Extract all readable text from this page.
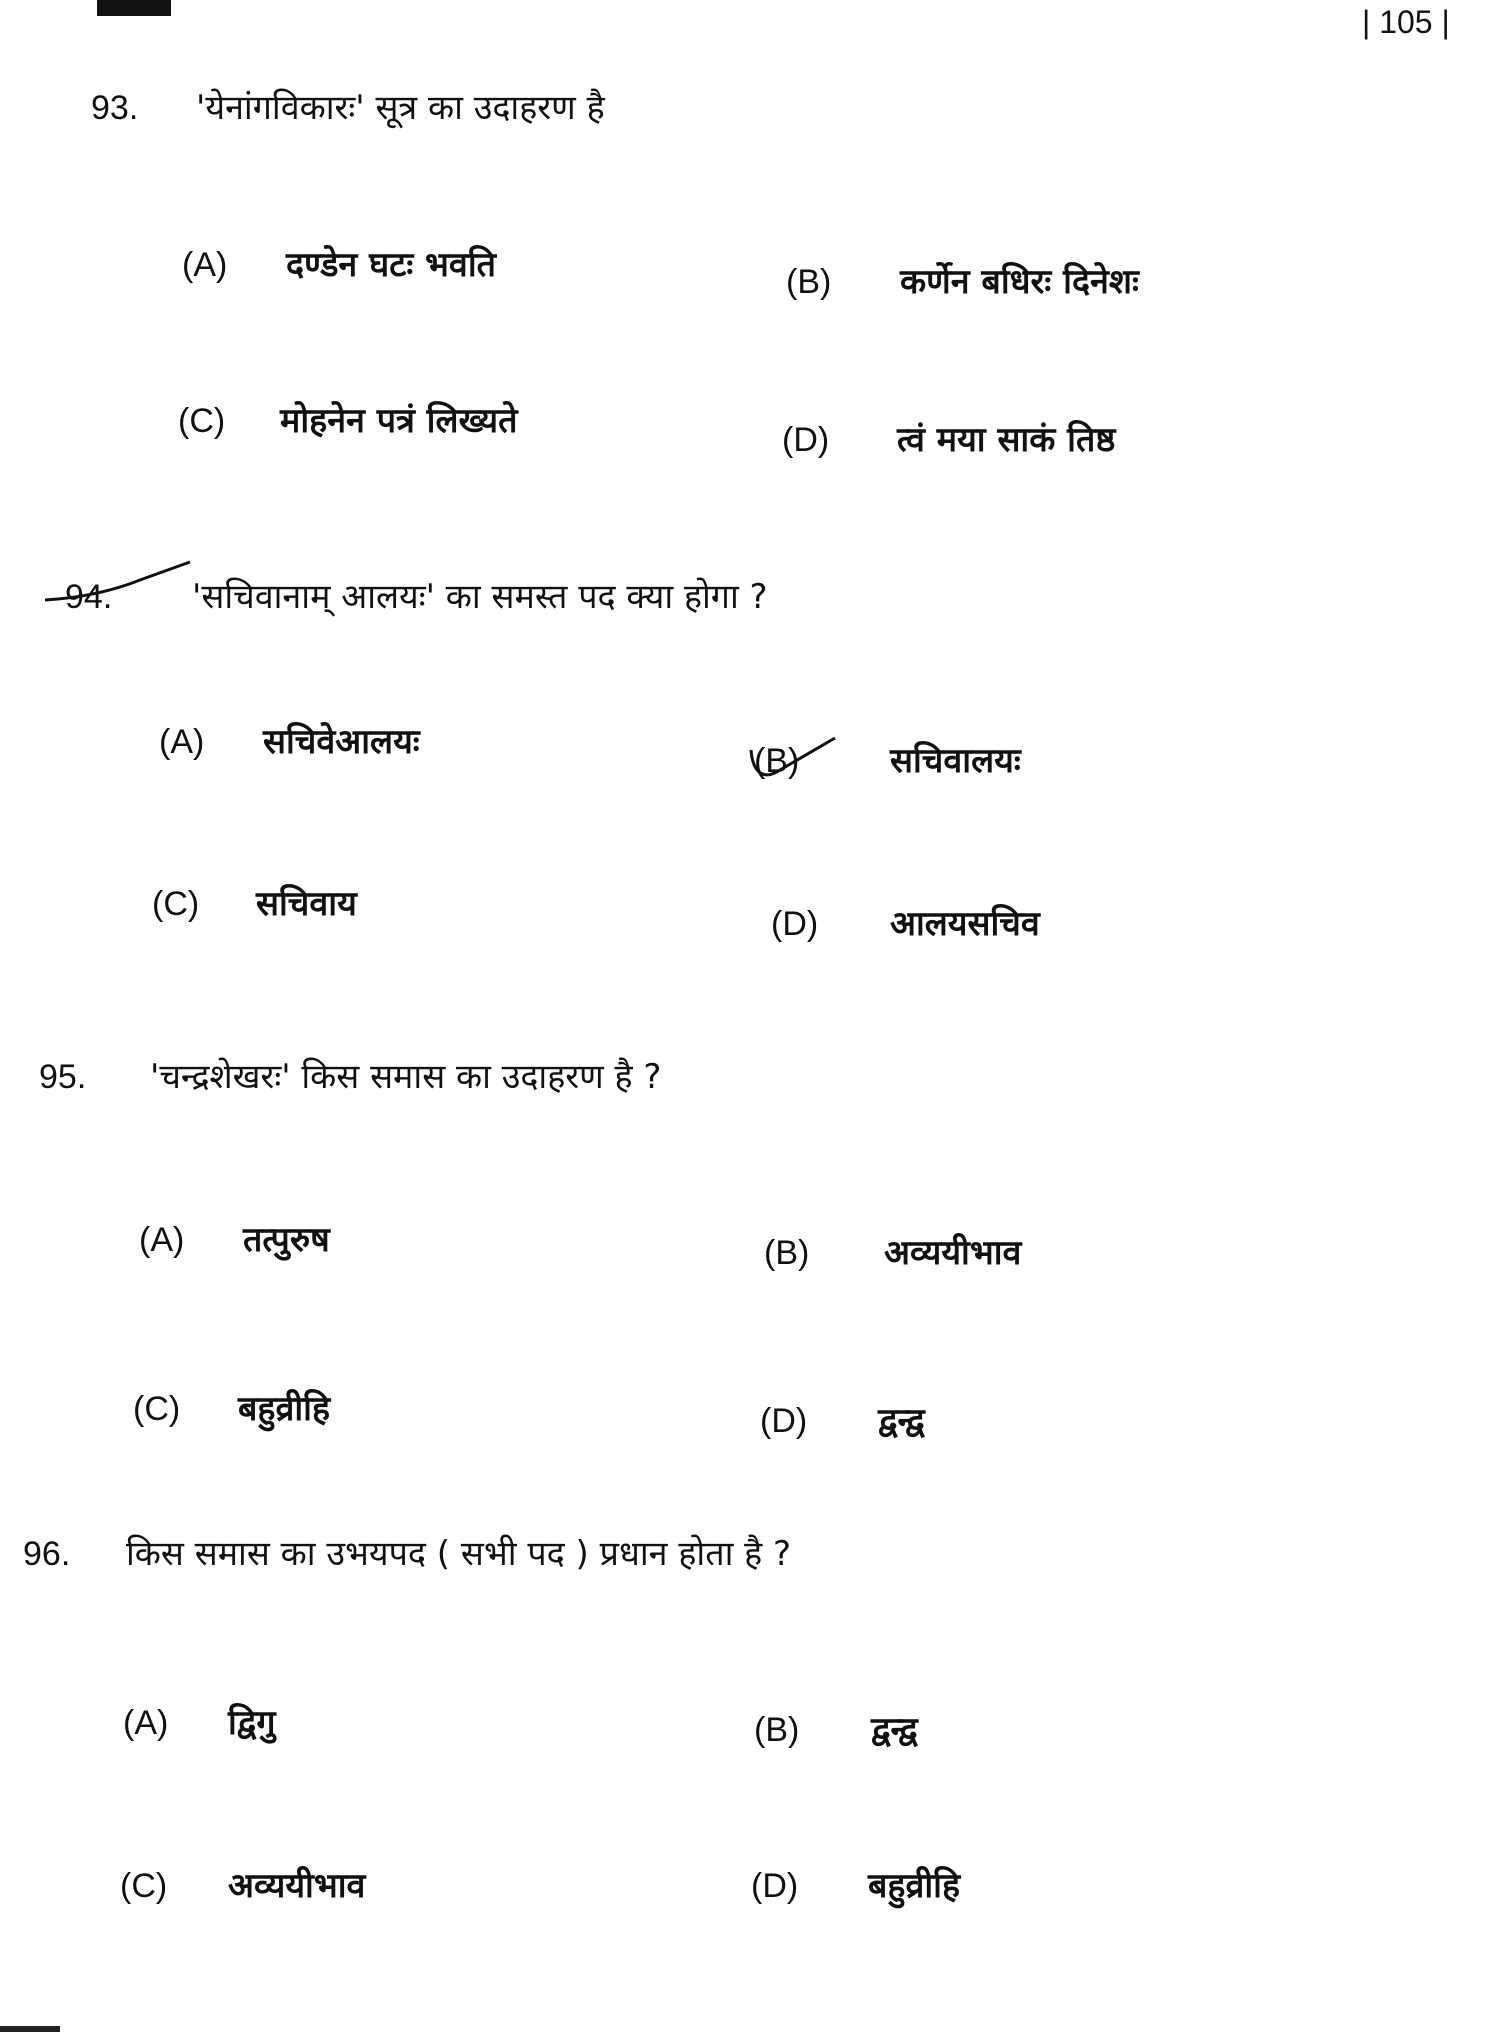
| 105 |
93. 'येनांगविकारः' सूत्र का उदाहरण है
(A) दण्डेन घटः भवति	(B) कर्णेन बधिरः दिनेशः
(C) मोहनेन पत्रं लिख्यते	(D) त्वं मया साकं तिष्ठ
94. 'सचिवानाम् आलयः' का समस्त पद क्या होगा ?
(A) सचिवेआलयः	(B)	सचिवालयः
(C) सचिवाय	(D) आलयसचिव
95. 'चन्द्रशेखरः' किस समास का उदाहरण है ?
(A) तत्पुरुष	(B) अव्ययीभाव
(C) बहुव्रीहि	(D) द्वन्द्व
96. किस समास का उभयपद ( सभी पद ) प्रधान होता है ?
(A) द्विगु	(B) द्वन्द्व
(C) अव्ययीभाव	(D) बहुव्रीहि
